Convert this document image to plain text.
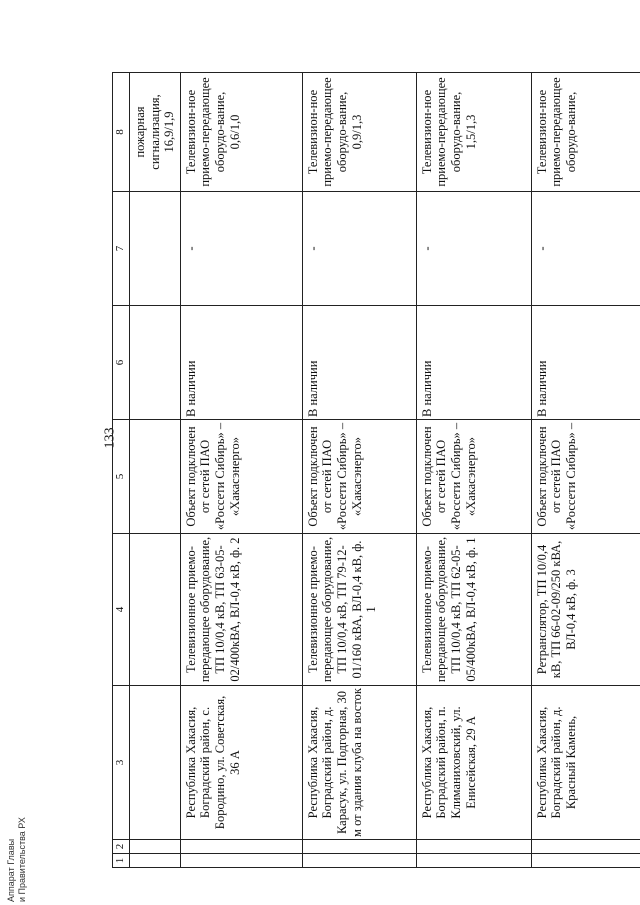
133
1	2	3	4	5	6	7	8
							пожарная сигнализация, 16,9/1,9
		Республика Хакасия, Боградский район, с. Бородино, ул. Советская, 36 А	Телевизионное приемо-передающее оборудование, ТП 10/0,4 кВ, ТП 63-05-02/400кВА, ВЛ-0,4 кВ, ф. 2	Объект подключен от сетей ПАО «Россети Сибирь» – «Хакасэнерго»	В наличии	-	Телевизион-ное приемо-передающее оборудо-вание, 0,6/1,0
		Республика Хакасия, Боградский район, д. Карасук, ул. Подгорная, 30 м от здания клуба на восток	Телевизионное приемо-передающее оборудование, ТП 10/0,4 кВ, ТП 79-12-01/160 кВА, ВЛ-0,4 кВ, ф. 1	Объект подключен от сетей ПАО «Россети Сибирь» – «Хакасэнерго»	В наличии	-	Телевизион-ное приемо-передающее оборудо-вание, 0,9/1,3
		Республика Хакасия, Боградский район, п. Климаниховский, ул. Енисейская, 29 А	Телевизионное приемо-передающее оборудование, ТП 10/0,4 кВ, ТП 62-05-05/400кВА, ВЛ-0,4 кВ, ф. 1	Объект подключен от сетей ПАО «Россети Сибирь» – «Хакасэнерго»	В наличии	-	Телевизион-ное приемо-передающее оборудо-вание, 1,5/1,3
		Республика Хакасия, Боградский район, д. Красный Камень,	Ретранслятор, ТП 10/0,4 кВ, ТП 66-02-09/250 кВА, ВЛ-0,4 кВ, ф. 3	Объект подключен от сетей ПАО «Россети Сибирь» –	В наличии	-	Телевизион-ное приемо-передающее оборудо-вание,
Аппарат Главы и Правительства РХ
